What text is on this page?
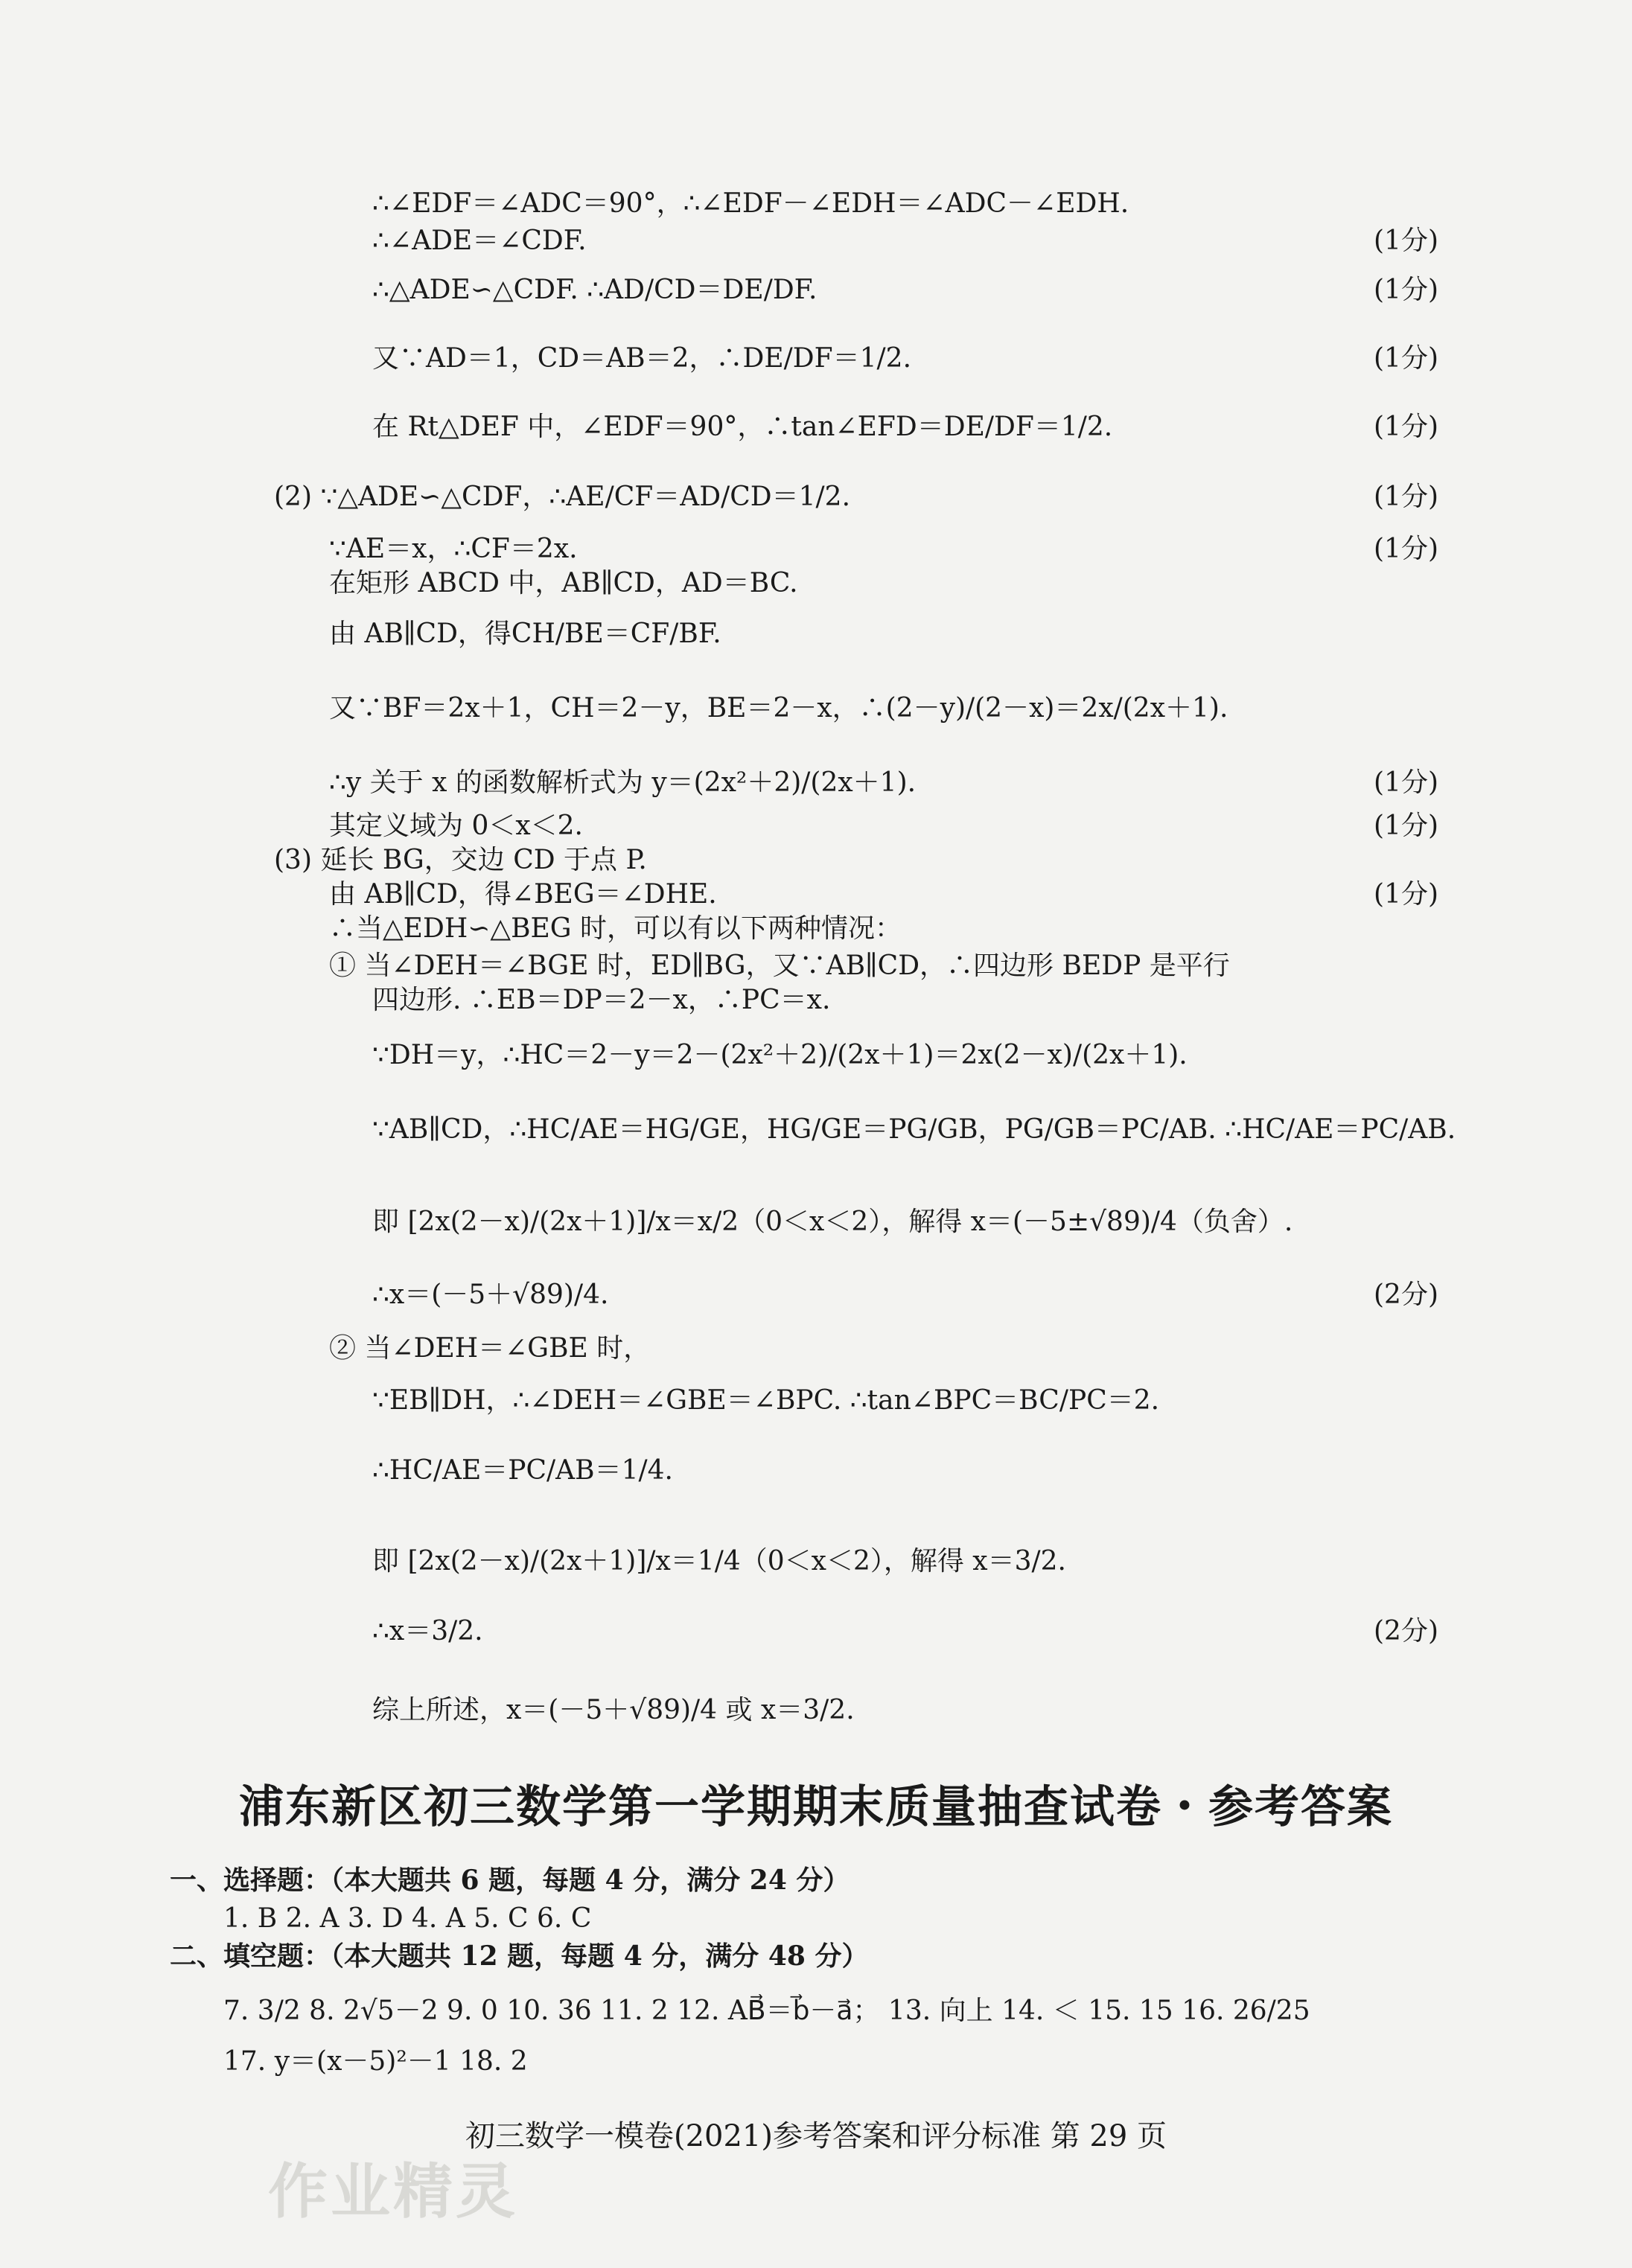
∴∠EDF＝∠ADC＝90°，∴∠EDF－∠EDH＝∠ADC－∠EDH.
∴∠ADE＝∠CDF.	(1分)
∴△ADE∽△CDF. ∴AD/CD＝DE/DF.	(1分)
又∵AD＝1，CD＝AB＝2，∴DE/DF＝1/2.	(1分)
在 Rt△DEF 中，∠EDF＝90°，∴tan∠EFD＝DE/DF＝1/2.	(1分)
(2) ∵△ADE∽△CDF，∴AE/CF＝AD/CD＝1/2.	(1分)
∵AE＝x，∴CF＝2x.	(1分)
在矩形 ABCD 中，AB∥CD，AD＝BC.
由 AB∥CD，得CH/BE＝CF/BF.
又∵BF＝2x＋1，CH＝2－y，BE＝2－x，∴(2－y)/(2－x)＝2x/(2x＋1).
∴y 关于 x 的函数解析式为 y＝(2x²＋2)/(2x＋1).	(1分)
其定义域为 0＜x＜2.	(1分)
(3) 延长 BG，交边 CD 于点 P.
由 AB∥CD，得∠BEG＝∠DHE.	(1分)
∴当△EDH∽△BEG 时，可以有以下两种情况：
① 当∠DEH＝∠BGE 时，ED∥BG，又∵AB∥CD，∴四边形 BEDP 是平行
四边形. ∴EB＝DP＝2－x，∴PC＝x.
∵DH＝y，∴HC＝2－y＝2－(2x²＋2)/(2x＋1)＝2x(2－x)/(2x＋1).
∵AB∥CD，∴HC/AE＝HG/GE，HG/GE＝PG/GB，PG/GB＝PC/AB. ∴HC/AE＝PC/AB.
即 [2x(2－x)/(2x＋1)]/x＝x/2（0＜x＜2），解得 x＝(－5±√89)/4（负舍）.
∴x＝(－5＋√89)/4.	(2分)
② 当∠DEH＝∠GBE 时，
∵EB∥DH，∴∠DEH＝∠GBE＝∠BPC. ∴tan∠BPC＝BC/PC＝2.
∴HC/AE＝PC/AB＝1/4.
即 [2x(2－x)/(2x＋1)]/x＝1/4（0＜x＜2），解得 x＝3/2.
∴x＝3/2.	(2分)
综上所述，x＝(－5＋√89)/4 或 x＝3/2.
浦东新区初三数学第一学期期末质量抽查试卷・参考答案
一、选择题：（本大题共 6 题，每题 4 分，满分 24 分）
1. B 2. A 3. D 4. A 5. C 6. C
二、填空题：（本大题共 12 题，每题 4 分，满分 48 分）
7. 3/2 8. 2√5－2 9. 0 10. 36 11. 2 12. AB⃗＝b⃗－a⃗； 13. 向上 14. ＜ 15. 15 16. 26/25
17. y＝(x－5)²－1 18. 2
初三数学一模卷(2021)参考答案和评分标准 第 29 页
作业精灵
